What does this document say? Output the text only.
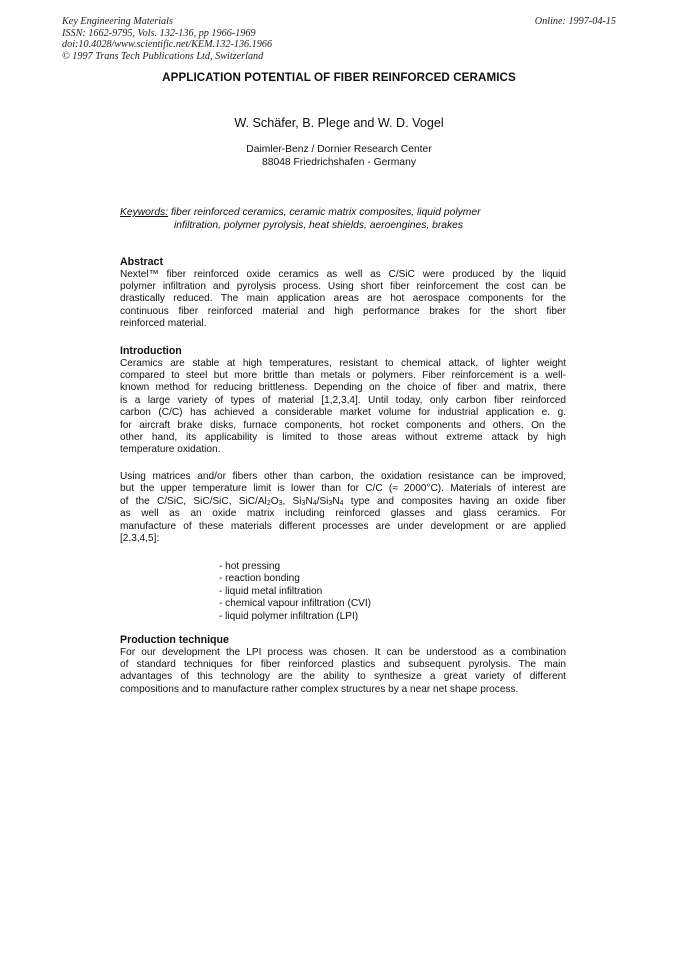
Key Engineering Materials
ISSN: 1662-9795, Vols. 132-136, pp 1966-1969
doi:10.4028/www.scientific.net/KEM.132-136.1966
© 1997 Trans Tech Publications Ltd, Switzerland
Online: 1997-04-15
APPLICATION POTENTIAL OF FIBER REINFORCED CERAMICS
W. Schäfer, B. Plege and W. D. Vogel
Daimler-Benz / Dornier Research Center
88048 Friedrichshafen - Germany
Keywords: fiber reinforced ceramics, ceramic matrix composites, liquid polymer
infiltration, polymer pyrolysis, heat shields, aeroengines, brakes
Abstract
Nextel™ fiber reinforced oxide ceramics as well as C/SiC were produced by the liquid
polymer infiltration and pyrolysis process. Using short fiber reinforcement the cost can be
drastically reduced. The main application areas are hot aerospace components for the
continuous fiber reinforced material and high performance brakes for the short fiber
reinforced material.
Introduction
Ceramics are stable at high temperatures, resistant to chemical attack, of lighter weight
compared to steel but more brittle than metals or polymers. Fiber reinforcement is a well-
known method for reducing brittleness. Depending on the choice of fiber and matrix, there
is a large variety of types of material [1,2,3,4]. Until today, only carbon fiber reinforced
carbon (C/C) has achieved a considerable market volume for industrial application e. g.
for aircraft brake disks, furnace components, hot rocket components and others. On the
other hand, its applicability is limited to those areas without extreme attack by high
temperature oxidation.
Using matrices and/or fibers other than carbon, the oxidation resistance can be improved,
but the upper temperature limit is lower than for C/C (≈ 2000°C). Materials of interest are
of the C/SiC, SiC/SiC, SiC/$Al_2O_3$, $Si_3N_4/Si_3N_4$ type and composites having an oxide fiber
as well as an oxide matrix including reinforced glasses and glass ceramics. For
manufacture of these materials different processes are under development or are applied
[2,3,4,5]:
- hot pressing
- reaction bonding
- liquid metal infiltration
- chemical vapour infiltration (CVI)
- liquid polymer infiltration (LPI)
Production technique
For our development the LPI process was chosen. It can be understood as a combination
of standard techniques for fiber reinforced plastics and subsequent pyrolysis. The main
advantages of this technology are the ability to synthesize a great variety of different
compositions and to manufacture rather complex structures by a near net shape process.
